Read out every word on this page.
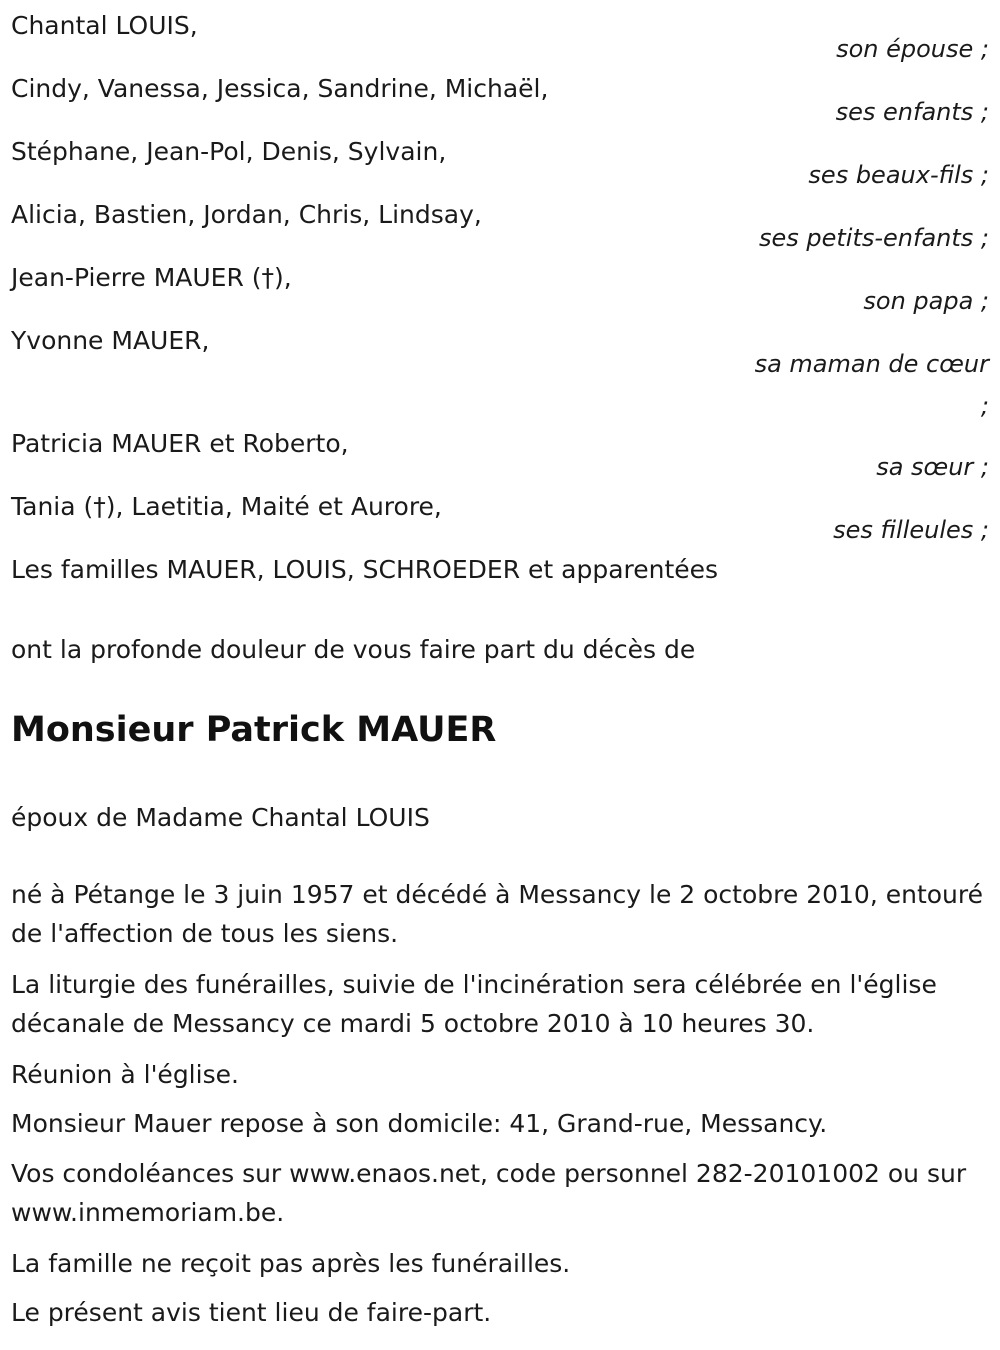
Chantal LOUIS,
son épouse ;
Cindy, Vanessa, Jessica, Sandrine, Michaël,
ses enfants ;
Stéphane, Jean-Pol, Denis, Sylvain,
ses beaux-fils ;
Alicia, Bastien, Jordan, Chris, Lindsay,
ses petits-enfants ;
Jean-Pierre MAUER (†),
son papa ;
Yvonne MAUER,
sa maman de cœur
;
Patricia MAUER et Roberto,
sa sœur ;
Tania (†), Laetitia, Maité et Aurore,
ses filleules ;
Les familles MAUER, LOUIS, SCHROEDER et apparentées
ont la profonde douleur de vous faire part du décès de
Monsieur Patrick MAUER
époux de Madame Chantal LOUIS
né à Pétange le 3 juin 1957 et décédé à Messancy le 2 octobre 2010, entouré de l'affection de tous les siens.
La liturgie des funérailles, suivie de l'incinération sera célébrée en l'église décanale de Messancy ce mardi 5 octobre 2010 à 10 heures 30.
Réunion à l'église.
Monsieur Mauer repose à son domicile: 41, Grand-rue, Messancy.
Vos condoléances sur www.enaos.net, code personnel 282-20101002 ou sur www.inmemoriam.be.
La famille ne reçoit pas après les funérailles.
Le présent avis tient lieu de faire-part.
